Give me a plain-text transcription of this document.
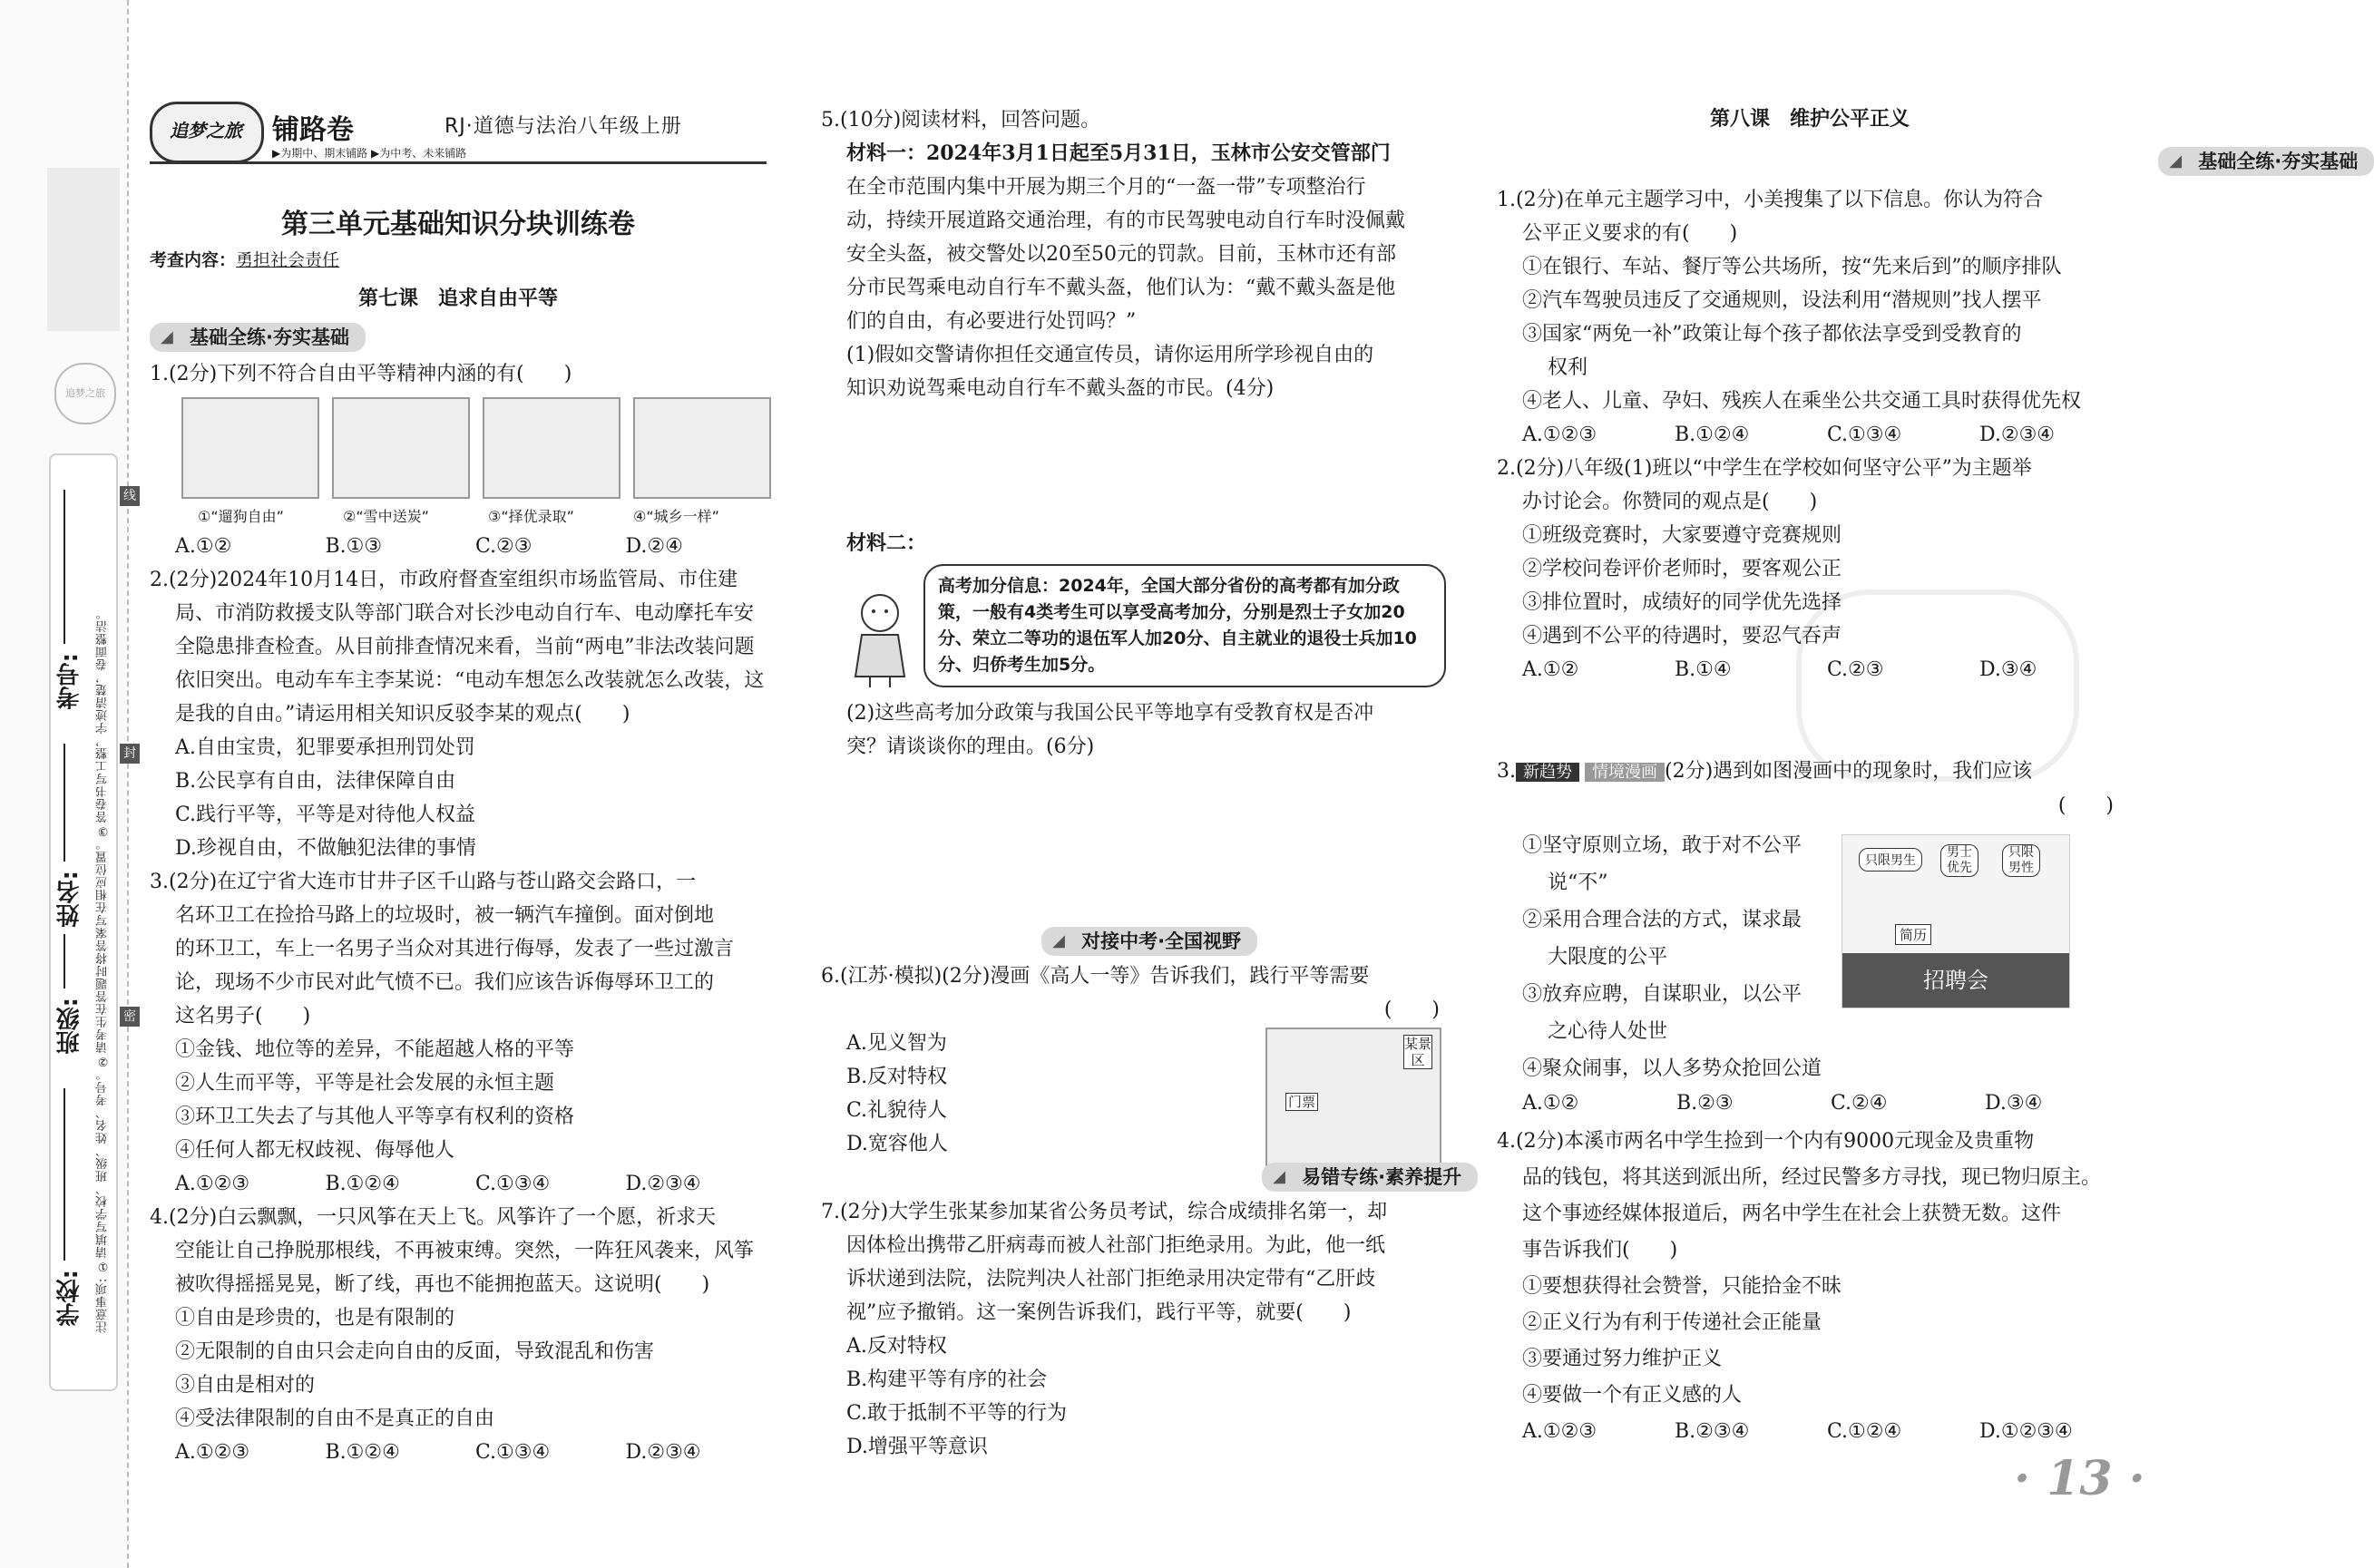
追梦之旅
学校:
班级:
姓名:
考号: 注意事项: ①请填写学校、班级、姓名、考号。②请考生在答题时将答案写在相应位置。③答卷书写工整，字迹清楚，卷面整洁。
线
封
密
追梦之旅	铺路卷
▶为期中、期末铺路 ▶为中考、未来铺路
RJ·道德与法治八年级上册
第三单元基础知识分块训练卷
考查内容：勇担社会责任
第七课　追求自由平等
◢ 基础全练·夯实基础

1.(2分)下列不符合自由平等精神内涵的有(　　)

①“遛狗自由”	②“雪中送炭”	③“择优录取”	④“城乡一样”

A.①②	B.①③	C.②③	D.②④

2.(2分)2024年10月14日，市政府督查室组织市场监管局、市住建

局、市消防救援支队等部门联合对长沙电动自行车、电动摩托车安

全隐患排查检查。从目前排查情况来看，当前“两电”非法改装问题

依旧突出。电动车车主李某说：“电动车想怎么改装就怎么改装，这

是我的自由。”请运用相关知识反驳李某的观点(　　)

A.自由宝贵，犯罪要承担刑罚处罚

B.公民享有自由，法律保障自由

C.践行平等，平等是对待他人权益

D.珍视自由，不做触犯法律的事情

3.(2分)在辽宁省大连市甘井子区千山路与苍山路交会路口，一

名环卫工在捡拾马路上的垃圾时，被一辆汽车撞倒。面对倒地

的环卫工，车上一名男子当众对其进行侮辱，发表了一些过激言

论，现场不少市民对此气愤不已。我们应该告诉侮辱环卫工的

这名男子(　　)

①金钱、地位等的差异，不能超越人格的平等

②人生而平等，平等是社会发展的永恒主题

③环卫工失去了与其他人平等享有权利的资格

④任何人都无权歧视、侮辱他人

A.①②③	B.①②④	C.①③④	D.②③④

4.(2分)白云飘飘，一只风筝在天上飞。风筝许了一个愿，祈求天

空能让自己挣脱那根线，不再被束缚。突然，一阵狂风袭来，风筝

被吹得摇摇晃晃，断了线，再也不能拥抱蓝天。这说明(　　)

①自由是珍贵的，也是有限制的

②无限制的自由只会走向自由的反面，导致混乱和伤害

③自由是相对的

④受法律限制的自由不是真正的自由

A.①②③	B.①②④	C.①③④	D.②③④

5.(10分)阅读材料，回答问题。

材料一：2024年3月1日起至5月31日，玉林市公安交管部门

在全市范围内集中开展为期三个月的“一盔一带”专项整治行

动，持续开展道路交通治理，有的市民驾驶电动自行车时没佩戴

安全头盔，被交警处以20至50元的罚款。目前，玉林市还有部

分市民驾乘电动自行车不戴头盔，他们认为：“戴不戴头盔是他

们的自由，有必要进行处罚吗？”

(1)假如交警请你担任交通宣传员，请你运用所学珍视自由的

知识劝说驾乘电动自行车不戴头盔的市民。(4分)

材料二：
高考加分信息：2024年，全国大部分省份的高考都有加分政策，一般有4类考生可以享受高考加分，分别是烈士子女加20分、荣立二等功的退伍军人加20分、自主就业的退役士兵加10分、归侨考生加5分。

(2)这些高考加分政策与我国公民平等地享有受教育权是否冲

突？请谈谈你的理由。(6分)

◢ 对接中考·全国视野

6.(江苏·模拟)(2分)漫画《高人一等》告诉我们，践行平等需要

(　　)

A.见义智为

B.反对特权

C.礼貌待人

D.宽容他人

某景区
门票
◢ 易错专练·素养提升

7.(2分)大学生张某参加某省公务员考试，综合成绩排名第一，却

因体检出携带乙肝病毒而被人社部门拒绝录用。为此，他一纸

诉状递到法院，法院判决人社部门拒绝录用决定带有“乙肝歧

视”应予撤销。这一案例告诉我们，践行平等，就要(　　)

A.反对特权

B.构建平等有序的社会

C.敢于抵制不平等的行为

D.增强平等意识

第八课　维护公平正义
◢ 基础全练·夯实基础

1.(2分)在单元主题学习中，小美搜集了以下信息。你认为符合

公平正义要求的有(　　)

①在银行、车站、餐厅等公共场所，按“先来后到”的顺序排队

②汽车驾驶员违反了交通规则，设法利用“潜规则”找人摆平

③国家“两免一补”政策让每个孩子都依法享受到受教育的

权利

④老人、儿童、孕妇、残疾人在乘坐公共交通工具时获得优先权

A.①②③	B.①②④	C.①③④	D.②③④

2.(2分)八年级(1)班以“中学生在学校如何坚守公平”为主题举

办讨论会。你赞同的观点是(　　)

①班级竞赛时，大家要遵守竞赛规则

②学校问卷评价老师时，要客观公正

③排位置时，成绩好的同学优先选择

④遇到不公平的待遇时，要忍气吞声

A.①②	B.①④	C.②③	D.③④

3. 新趋势 情境漫画 (2分)遇到如图漫画中的现象时，我们应该

(　　)

①坚守原则立场，敢于对不公平

说“不”

②采用合理合法的方式，谋求最

大限度的公平

③放弃应聘，自谋职业，以公平

之心待人处世

④聚众闹事，以人多势众抢回公道

只限男生
男士优先
只限男性
简历
招聘会

A.①②	B.②③	C.②④	D.③④

4.(2分)本溪市两名中学生捡到一个内有9000元现金及贵重物

品的钱包，将其送到派出所，经过民警多方寻找，现已物归原主。

这个事迹经媒体报道后，两名中学生在社会上获赞无数。这件

事告诉我们(　　)

①要想获得社会赞誉，只能拾金不昧

②正义行为有利于传递社会正能量

③要通过努力维护正义

④要做一个有正义感的人

A.①②③	B.②③④	C.①②④	D.①②③④

· 13 ·
